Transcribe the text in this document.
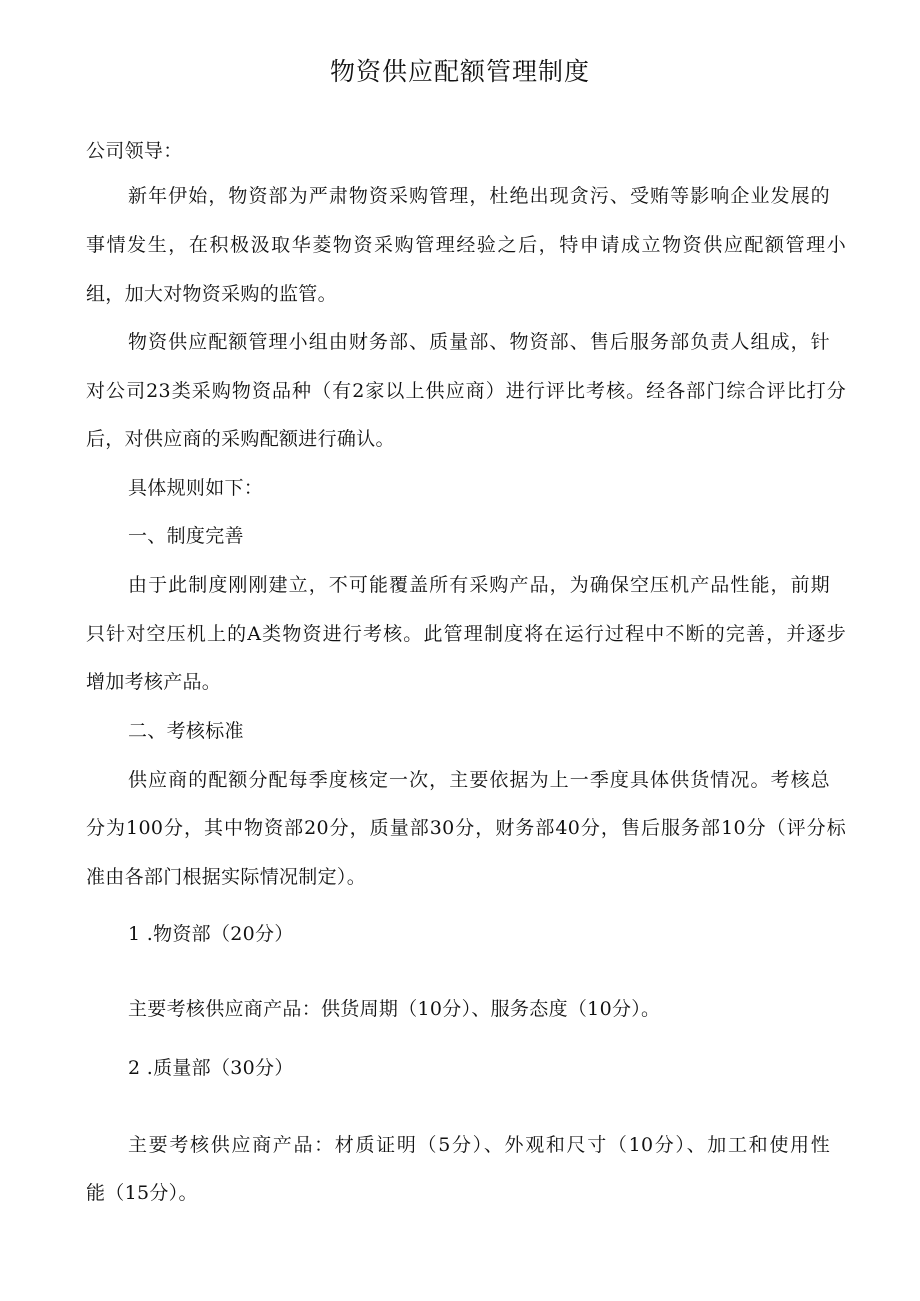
物资供应配额管理制度
公司领导：
新年伊始，物资部为严肃物资采购管理，杜绝出现贪污、受贿等影响企业发展的
事情发生，在积极汲取华菱物资采购管理经验之后，特申请成立物资供应配额管理小
组，加大对物资采购的监管。
物资供应配额管理小组由财务部、质量部、物资部、售后服务部负责人组成，针
对公司23类采购物资品种（有2家以上供应商）进行评比考核。经各部门综合评比打分
后，对供应商的采购配额进行确认。
具体规则如下：
一、制度完善
由于此制度刚刚建立，不可能覆盖所有采购产品，为确保空压机产品性能，前期
只针对空压机上的A类物资进行考核。此管理制度将在运行过程中不断的完善，并逐步
增加考核产品。
二、考核标准
供应商的配额分配每季度核定一次，主要依据为上一季度具体供货情况。考核总
分为100分，其中物资部20分，质量部30分，财务部40分，售后服务部10分（评分标
准由各部门根据实际情况制定）。
1 .物资部（20分）
主要考核供应商产品：供货周期（10分）、服务态度（10分）。
2 .质量部（30分）
主要考核供应商产品：材质证明（5分）、外观和尺寸（10分）、加工和使用性
能（15分）。
